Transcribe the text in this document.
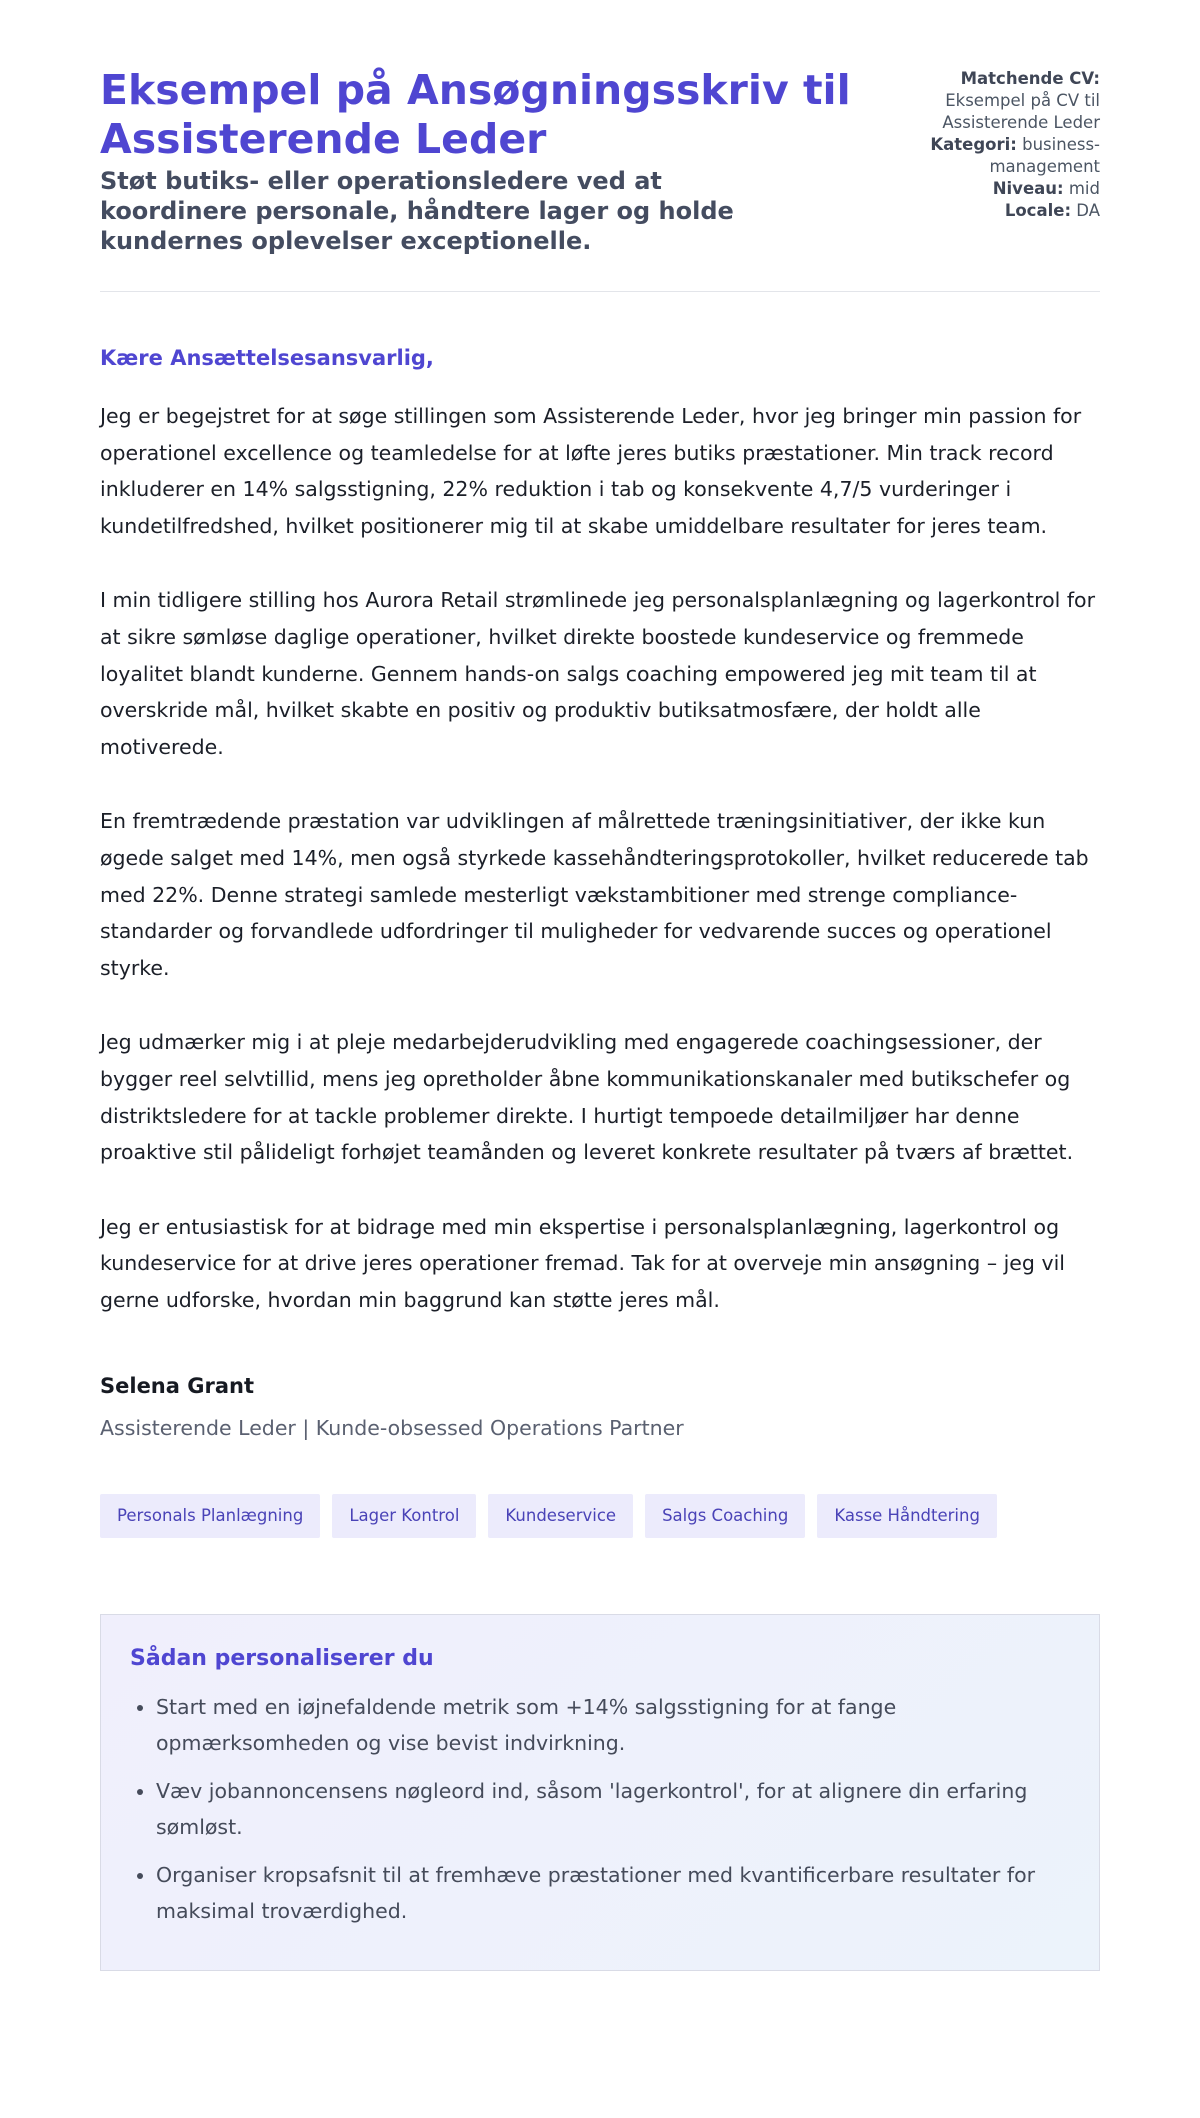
Eksempel på Ansøgningsskriv til Assisterende Leder

Støt butiks- eller operationsledere ved at koordinere personale, håndtere lager og holde kundernes oplevelser exceptionelle.

Matchende CV:
Eksempel på CV til Assisterende Leder

Kategori: business-management

Niveau: mid

Locale: DA

Kære Ansættelsesansvarlig,

Jeg er begejstret for at søge stillingen som Assisterende Leder, hvor jeg bringer min passion for operationel excellence og teamledelse for at løfte jeres butiks præstationer. Min track record inkluderer en 14% salgsstigning, 22% reduktion i tab og konsekvente 4,7/5 vurderinger i kundetilfredshed, hvilket positionerer mig til at skabe umiddelbare resultater for jeres team.

I min tidligere stilling hos Aurora Retail strømlinede jeg personalsplanlægning og lagerkontrol for at sikre sømløse daglige operationer, hvilket direkte boostede kundeservice og fremmede loyalitet blandt kunderne. Gennem hands-on salgs coaching empowered jeg mit team til at overskride mål, hvilket skabte en positiv og produktiv butiksatmosfære, der holdt alle motiverede.

En fremtrædende præstation var udviklingen af målrettede træningsinitiativer, der ikke kun øgede salget med 14%, men også styrkede kassehåndteringsprotokoller, hvilket reducerede tab med 22%. Denne strategi samlede mesterligt vækstambitioner med strenge compliance-standarder og forvandlede udfordringer til muligheder for vedvarende succes og operationel styrke.

Jeg udmærker mig i at pleje medarbejderudvikling med engagerede coachingsessioner, der bygger reel selvtillid, mens jeg opretholder åbne kommunikationskanaler med butikschefer og distriktsledere for at tackle problemer direkte. I hurtigt tempoede detailmiljøer har denne proaktive stil pålideligt forhøjet teamånden og leveret konkrete resultater på tværs af brættet.

Jeg er entusiastisk for at bidrage med min ekspertise i personalsplanlægning, lagerkontrol og kundeservice for at drive jeres operationer fremad. Tak for at overveje min ansøgning – jeg vil gerne udforske, hvordan min baggrund kan støtte jeres mål.

Selena Grant

Assisterende Leder | Kunde-obsessed Operations Partner

Personals Planlægning	Lager Kontrol	Kundeservice	Salgs Coaching	Kasse Håndtering
Sådan personaliserer du
• Start med en iøjnefaldende metrik som +14% salgsstigning for at fange opmærksomheden og vise bevist indvirkning.
• Væv jobannoncensens nøgleord ind, såsom 'lagerkontrol', for at alignere din erfaring sømløst.
• Organiser kropsafsnit til at fremhæve præstationer med kvantificerbare resultater for maksimal troværdighed.
